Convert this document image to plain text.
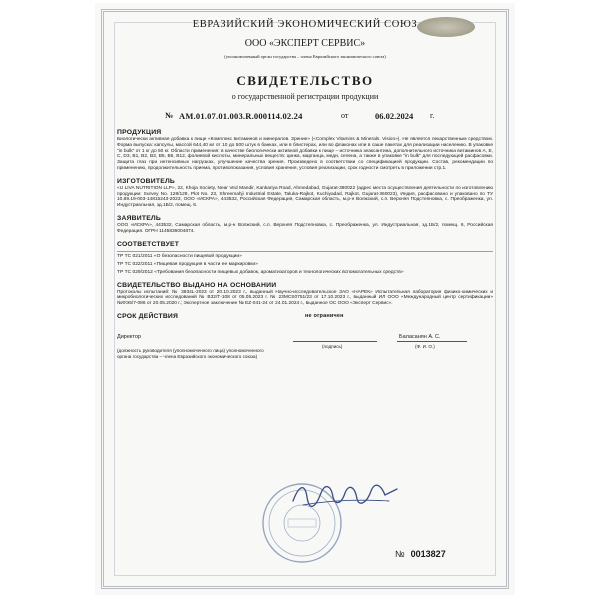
ЕВРАЗИЙСКИЙ ЭКОНОМИЧЕСКИЙ СОЮЗ
ООО «ЭКСПЕРТ СЕРВИС»
(уполномоченный орган государства – члена Евразийского экономического союза)
СВИДЕТЕЛЬСТВО
о государственной регистрации продукции
№ AM.01.07.01.003.R.000114.02.24	от	06.02.2024 г.
ПРОДУКЦИЯ
Биологически активная добавка к пище «Комплекс витаминов и минералов. Зрение» («Complex Vitamins & Minerals. Vision»). Не является лекарственным средством. Форма выпуска: капсулы, массой 644,40 мг от 10 до 500 штук в банках, или в блистерах, или во флаконах или в саше пакетах для реализации населению. В упаковке "in bulk" от 1 кг до 50 кг. Области применения: в качестве биологически активной добавки к пище – источника зеаксантина, дополнительного источника витаминов A, E, C, D3, B1, B2, B3, B5, B6, B12, фолиевой кислоты, минеральных веществ: цинка, марганца, меди, селена, а также в упаковке "in bulk" для последующей расфасовки. Защита глаз при интенсивных нагрузках, улучшение качества зрения. Произведено в соответствии со спецификацией продукции. Состав, рекомендации по применению, продолжительность приема, противопоказания, условия хранения, условия реализации, срок годности смотреть в приложении стр.1.
ИЗГОТОВИТЕЛЬ
«U LIVA NUTRITION LLP», 22, Khoja Society, Near Ved Mandir, Kankariya Road, Ahmedabad, Gujarat-380022 (адрес места осуществления деятельности по изготовлению продукции: Survey No. 128/129, Plot No. 23, Shreemahji Industrial Estate, Taluka-Rajkot, Kuchiyadad, Rajkot, Gujarat-360023), Индия, расфасовано и упаковано по ТУ 10.89.19-003-14815243-2023, ООО «ИСКРА», 443532, Российская Федерация, Самарская область, м.р-н Волжский, с.п. Верхняя Подстепновка, с. Преображенка, ул. Индустриальная, зд.1Б/2, помещ. 6.
ЗАЯВИТЕЛЬ
ООО «ИСКРА», 443532, Самарская область, м.р-н Волжский, с.п. Верхняя Подстепновка, с. Преображенка, ул. Индустриальная, зд.1Б/2, помещ. 6, Российская Федерация. ОГРН 1145836004874.
СООТВЕТСТВУЕТ
ТР ТС 021/2011 «О безопасности пищевой продукции»
ТР ТС 022/2011 «Пищевая продукция в части ее маркировки»
ТР ТС 029/2012 «Требования безопасности пищевых добавок, ароматизаторов и технологических вспомогательных средств»
СВИДЕТЕЛЬСТВО ВЫДАНО НА ОСНОВАНИИ
Протоколы испытаний: № 3934L-2023 от 20.10.2023 г., выданный Научно-исследовательское ЗАО «НАРЕК» Испытательная лаборатория физико-химических и микробиологических исследований № B32/Т-108 от 05.05.2023 г. № 23MCS0751/23 от 17.10.2023 г., выданный ИЛ ООО «Международный центр сертификации» №ФЭ5/7-086 от 20.05.2020 г.; Экспертное заключение № EZ-041-24 от 24.01.2024 г., выданное ОС ООО «Эксперт Сервис».
СРОК ДЕЙСТВИЯ	не ограничен
Директор	Баласанян А. С.
(должность руководителя (уполномоченного лица) уполномоченного органа государства – члена Евразийского экономического союза)
(подпись)	(Ф. И. О.)
№ 0013827
